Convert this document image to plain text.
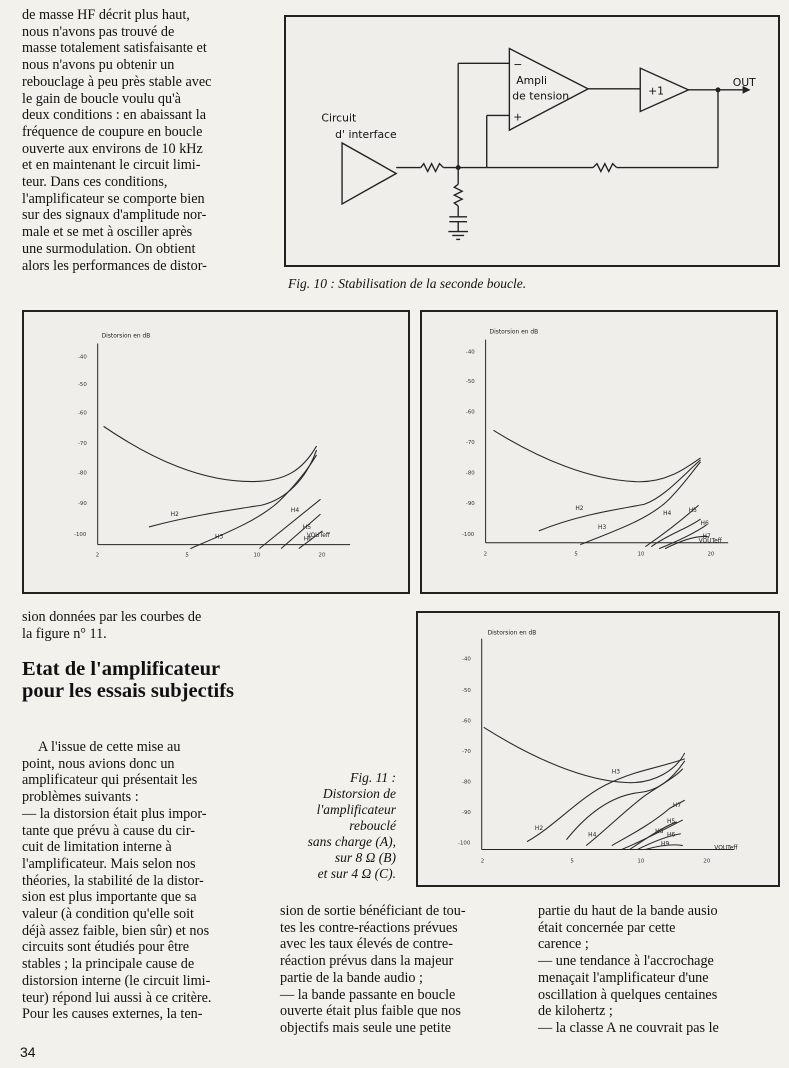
de masse HF décrit plus haut,

nous n'avons pas trouvé de

masse totalement satisfaisante et

nous n'avons pu obtenir un

rebouclage à peu près stable avec

le gain de boucle voulu qu'à

deux conditions : en abaissant la

fréquence de coupure en boucle

ouverte aux environs de 10 kHz

et en maintenant le circuit limi-

teur. Dans ces conditions,

l'amplificateur se comporte bien

sur des signaux d'amplitude nor-

male et se met à osciller après

une surmodulation. On obtient

alors les performances de distor-

Circuit
d' interface
−
+
Ampli
de tension	+1
OUT
Fig. 10 : Stabilisation de la seconde boucle.
Distorsion en dB
-40
-50
-60
-70
-80
-90
-100
2	5	10	20
VOUTeff
H2
H3
H4
H5
H6
Distorsion en dB
-40
-50
-60
-70
-80
-90
-100
2	5	10	20
VOUTeff
H2
H3
H4	H5
H6
H7

sion données par les courbes de

la figure n° 11.

Etat de l'amplificateur pour les essais subjectifs

A l'issue de cette mise au

point, nous avions donc un

amplificateur qui présentait les

problèmes suivants :

— la distorsion était plus impor-

tante que prévu à cause du cir-

cuit de limitation interne à

l'amplificateur. Mais selon nos

théories, la stabilité de la distor-

sion est plus importante que sa

valeur (à condition qu'elle soit

déjà assez faible, bien sûr) et nos

circuits sont étudiés pour être

stables ; la principale cause de

distorsion interne (le circuit limi-

teur) répond lui aussi à ce critère.

Pour les causes externes, la ten-

Fig. 11 :
Distorsion de
l'amplificateur
rebouclé
sans charge (A),
sur 8 Ω (B)
et sur 4 Ω (C).
Distorsion en dB
-40
-50
-60
-70
-80
-90
-100
2	5	10	20
VOUTeff
H2
H3
H4
H5
H6
H7
H8
H9

sion de sortie bénéficiant de tou-

tes les contre-réactions prévues

avec les taux élevés de contre-

réaction prévus dans la majeur

partie de la bande audio ;

— la bande passante en boucle

ouverte était plus faible que nos

objectifs mais seule une petite

partie du haut de la bande ausio

était concernée par cette

carence ;

— une tendance à l'accrochage

menaçait l'amplificateur d'une

oscillation à quelques centaines

de kilohertz ;

— la classe A ne couvrait pas le

34
